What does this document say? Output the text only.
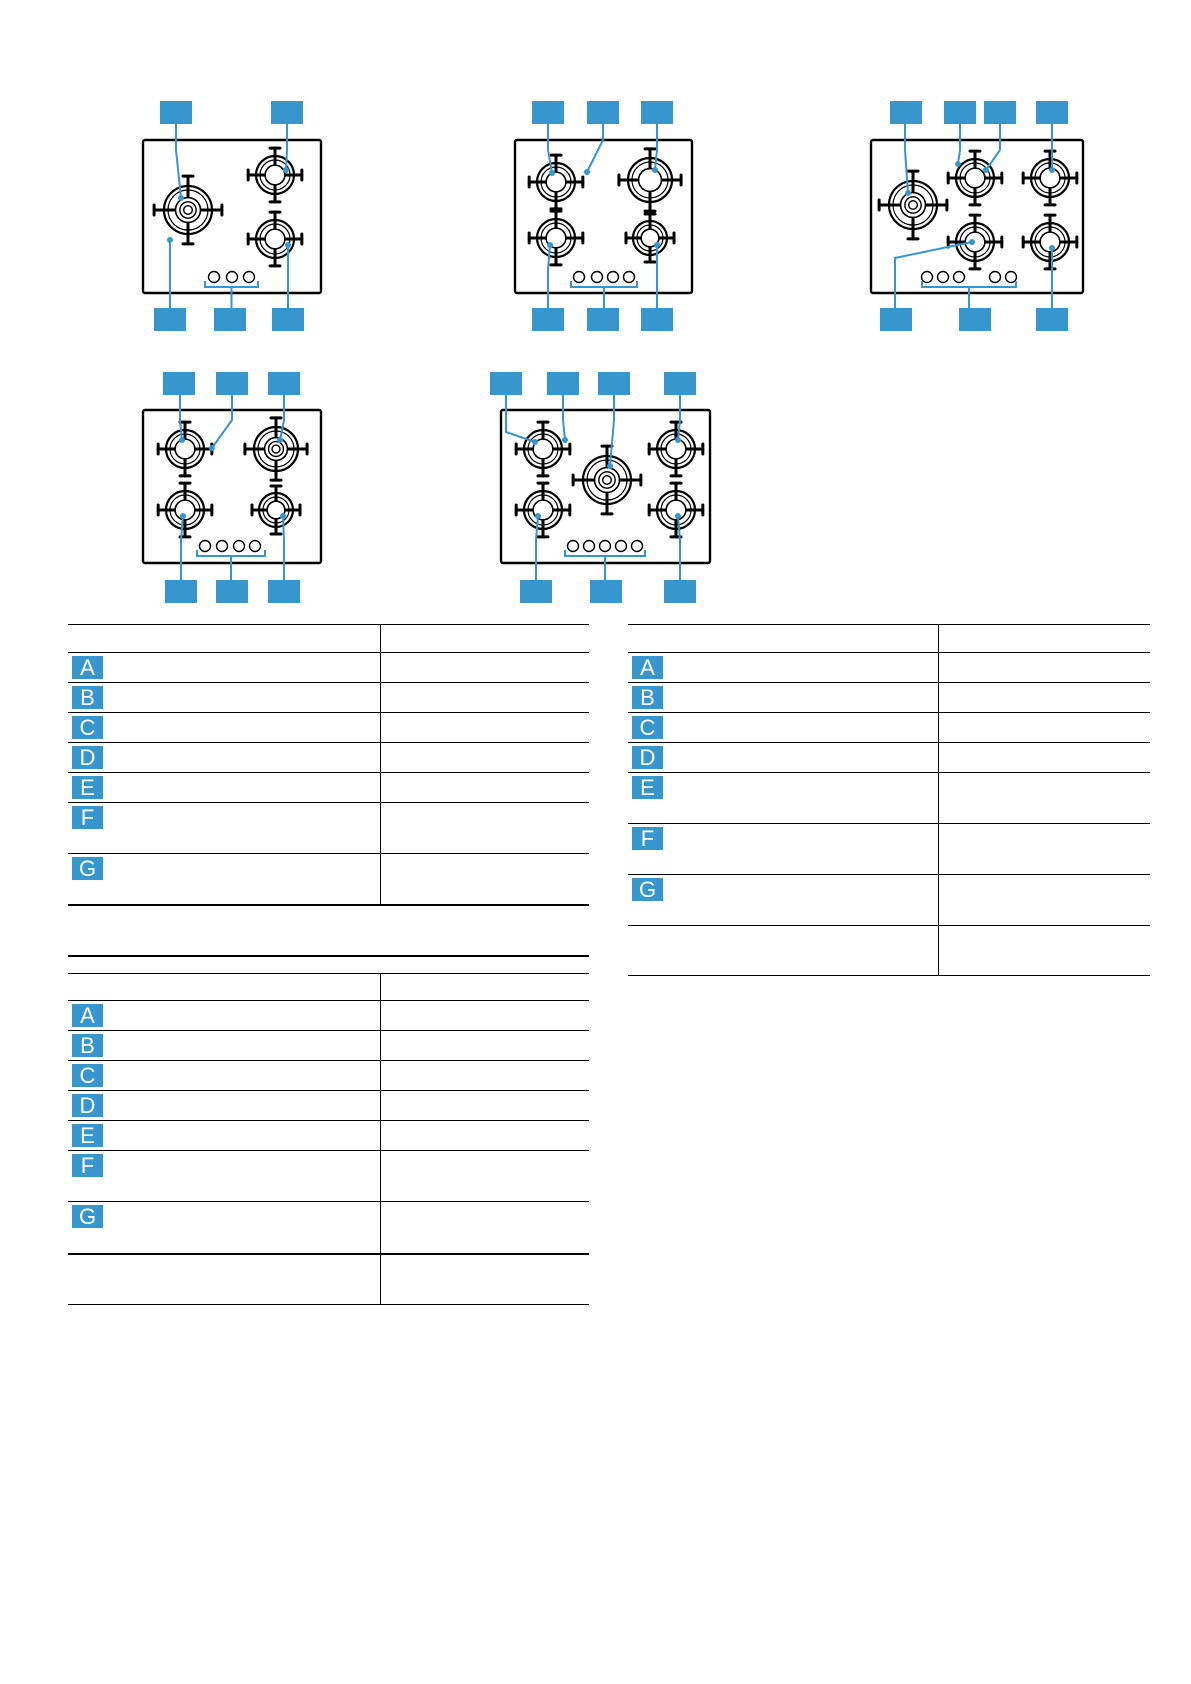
A
B
C
D
E
F
G
A
B
C
D
E
F
G
A
B
C
D
E
F
G
